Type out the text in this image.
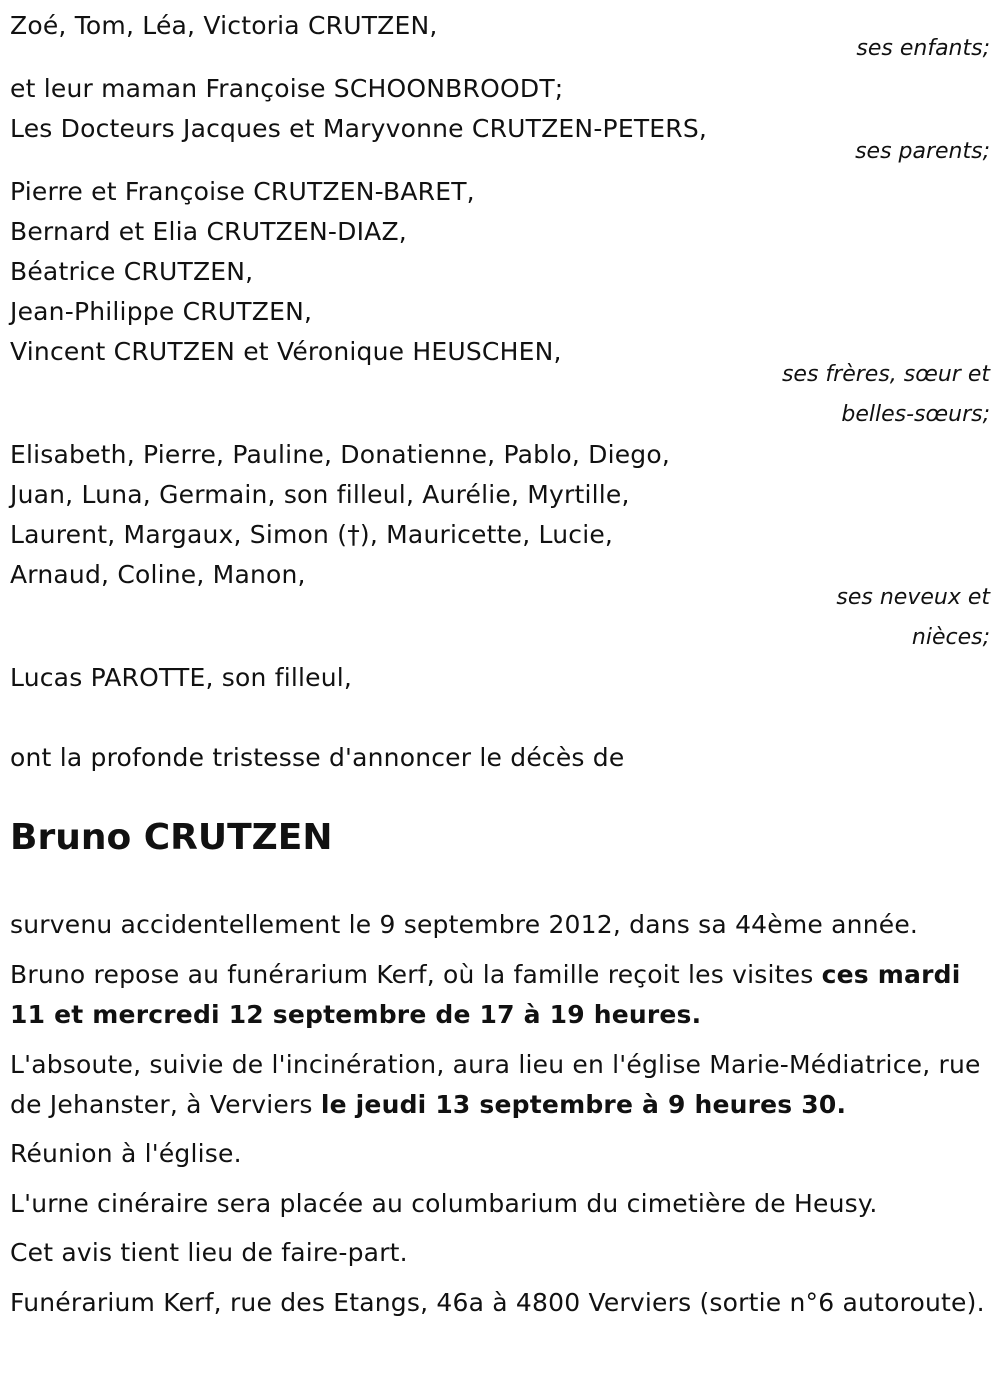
Zoé, Tom, Léa, Victoria CRUTZEN,
ses enfants;
et leur maman Françoise SCHOONBROODT;
Les Docteurs Jacques et Maryvonne CRUTZEN-PETERS,
ses parents;
Pierre et Françoise CRUTZEN-BARET,
Bernard et Elia CRUTZEN-DIAZ,
Béatrice CRUTZEN,
Jean-Philippe CRUTZEN,
Vincent CRUTZEN et Véronique HEUSCHEN,
ses frères, sœur et
belles-sœurs;
Elisabeth, Pierre, Pauline, Donatienne, Pablo, Diego,
Juan, Luna, Germain, son filleul, Aurélie, Myrtille,
Laurent, Margaux, Simon (†), Mauricette, Lucie,
Arnaud, Coline, Manon,
ses neveux et
nièces;
Lucas PAROTTE, son filleul,
ont la profonde tristesse d'annoncer le décès de
Bruno CRUTZEN
survenu accidentellement le 9 septembre 2012, dans sa 44ème année.
Bruno repose au funérarium Kerf, où la famille reçoit les visites ces mardi 11 et mercredi 12 septembre de 17 à 19 heures.
L'absoute, suivie de l'incinération, aura lieu en l'église Marie-Médiatrice, rue de Jehanster, à Verviers le jeudi 13 septembre à 9 heures 30.
Réunion à l'église.
L'urne cinéraire sera placée au columbarium du cimetière de Heusy.
Cet avis tient lieu de faire-part.
Funérarium Kerf, rue des Etangs, 46a à 4800 Verviers (sortie n°6 autoroute).
